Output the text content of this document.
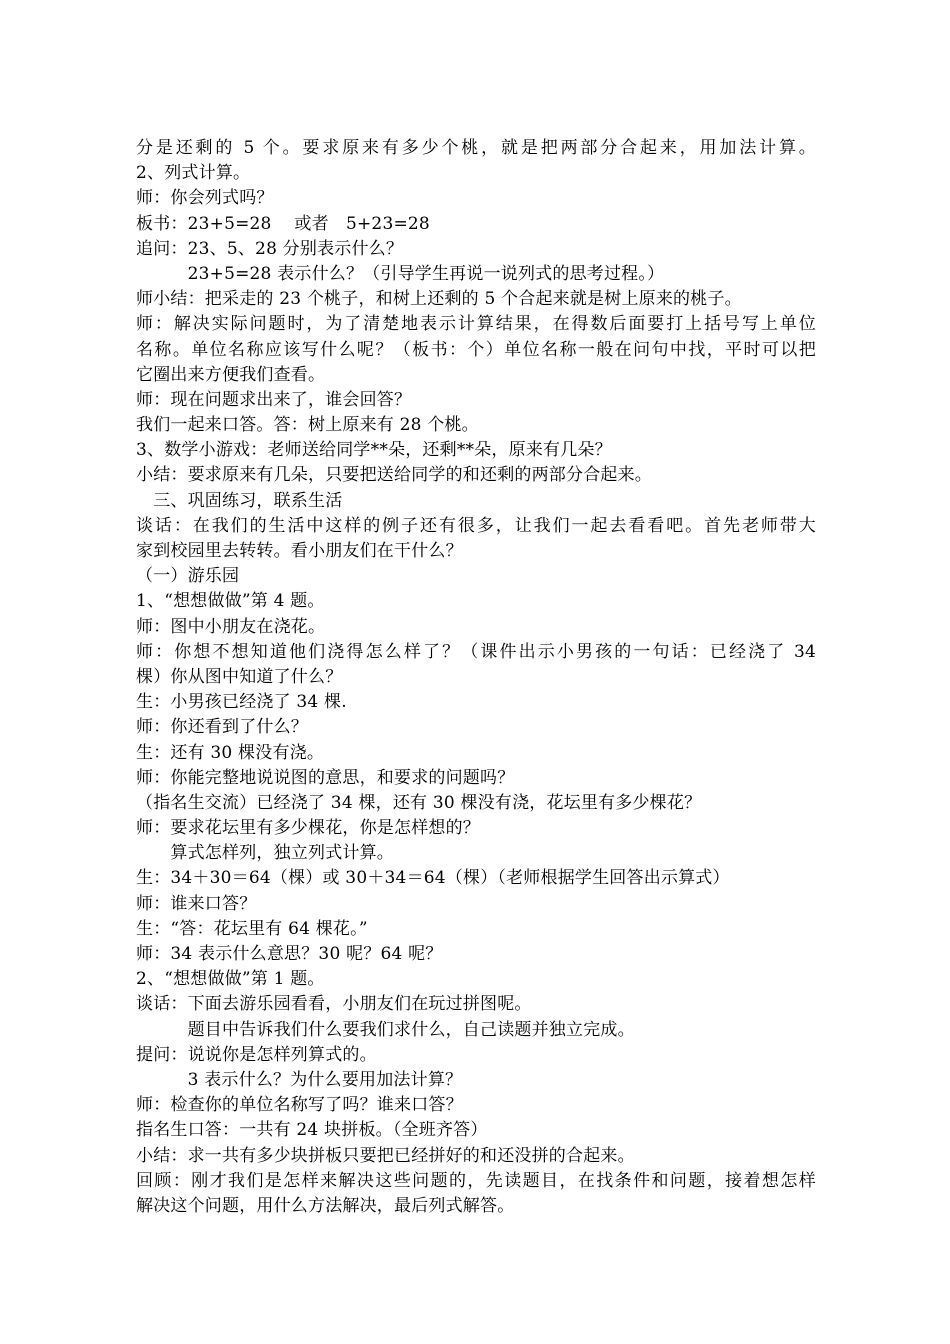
分是还剩的 5 个。要求原来有多少个桃，就是把两部分合起来，用加法计算。
2、列式计算。
师：你会列式吗？
板书：23+5=28　 或者　5+23=28
追问：23、5、28 分别表示什么？
　　　23+5=28 表示什么？（引导学生再说一说列式的思考过程。）
师小结：把采走的 23 个桃子，和树上还剩的 5 个合起来就是树上原来的桃子。
师：解决实际问题时，为了清楚地表示计算结果，在得数后面要打上括号写上单位
名称。单位名称应该写什么呢？（板书：个）单位名称一般在问句中找，平时可以把
它圈出来方便我们查看。
师：现在问题求出来了，谁会回答？
我们一起来口答。答：树上原来有 28 个桃。
3、数学小游戏：老师送给同学**朵，还剩**朵，原来有几朵？
小结：要求原来有几朵，只要把送给同学的和还剩的两部分合起来。
　三、巩固练习，联系生活
谈话：在我们的生活中这样的例子还有很多，让我们一起去看看吧。首先老师带大
家到校园里去转转。看小朋友们在干什么？
（一）游乐园
1、“想想做做”第 4 题。
师：图中小朋友在浇花。
师：你想不想知道他们浇得怎么样了？（课件出示小男孩的一句话：已经浇了 34
棵）你从图中知道了什么？
生：小男孩已经浇了 34 棵.
师：你还看到了什么？
生：还有 30 棵没有浇。
师：你能完整地说说图的意思，和要求的问题吗？
（指名生交流）已经浇了 34 棵，还有 30 棵没有浇，花坛里有多少棵花？
师：要求花坛里有多少棵花，你是怎样想的？
　　算式怎样列，独立列式计算。
生：34＋30＝64（棵）或 30＋34＝64（棵）（老师根据学生回答出示算式）
师：谁来口答？
生：“答：花坛里有 64 棵花。”
师：34 表示什么意思？30 呢？64 呢？
2、“想想做做”第 1 题。
谈话：下面去游乐园看看，小朋友们在玩过拼图呢。
　　　题目中告诉我们什么要我们求什么，自己读题并独立完成。
提问：说说你是怎样列算式的。
　　　3 表示什么？为什么要用加法计算？
师：检查你的单位名称写了吗？谁来口答？
指名生口答：一共有 24 块拼板。（全班齐答）
小结：求一共有多少块拼板只要把已经拼好的和还没拼的合起来。
回顾：刚才我们是怎样来解决这些问题的，先读题目，在找条件和问题，接着想怎样
解决这个问题，用什么方法解决，最后列式解答。
